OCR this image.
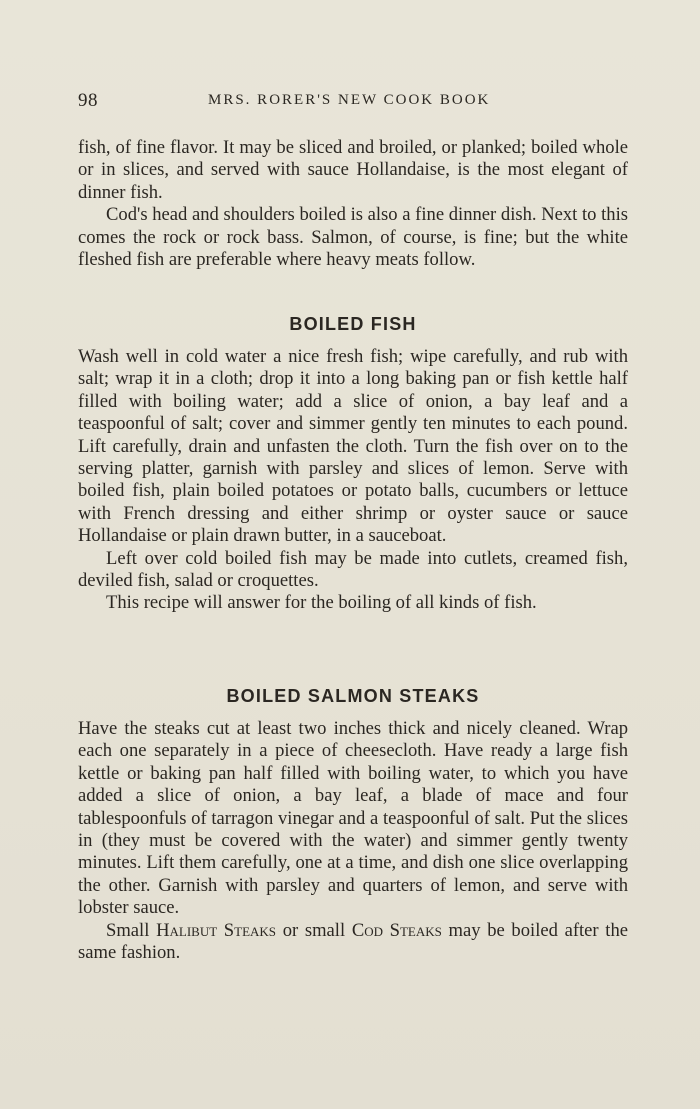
98	MRS. RORER'S NEW COOK BOOK

fish, of fine flavor. It may be sliced and broiled, or planked; boiled whole or in slices, and served with sauce Hollandaise, is the most elegant of dinner fish.

Cod's head and shoulders boiled is also a fine dinner dish. Next to this comes the rock or rock bass. Salmon, of course, is fine; but the white fleshed fish are preferable where heavy meats follow.

BOILED FISH

Wash well in cold water a nice fresh fish; wipe carefully, and rub with salt; wrap it in a cloth; drop it into a long baking pan or fish kettle half filled with boiling water; add a slice of onion, a bay leaf and a teaspoonful of salt; cover and simmer gently ten minutes to each pound. Lift carefully, drain and unfasten the cloth. Turn the fish over on to the serving platter, garnish with parsley and slices of lemon. Serve with boiled fish, plain boiled potatoes or potato balls, cucumbers or lettuce with French dressing and either shrimp or oyster sauce or sauce Hollandaise or plain drawn butter, in a sauceboat.

Left over cold boiled fish may be made into cutlets, creamed fish, deviled fish, salad or croquettes.

This recipe will answer for the boiling of all kinds of fish.

BOILED SALMON STEAKS

Have the steaks cut at least two inches thick and nicely cleaned. Wrap each one separately in a piece of cheesecloth. Have ready a large fish kettle or baking pan half filled with boiling water, to which you have added a slice of onion, a bay leaf, a blade of mace and four tablespoonfuls of tarragon vinegar and a teaspoonful of salt. Put the slices in (they must be covered with the water) and simmer gently twenty minutes. Lift them carefully, one at a time, and dish one slice overlapping the other. Garnish with parsley and quarters of lemon, and serve with lobster sauce.

Small Halibut Steaks or small Cod Steaks may be boiled after the same fashion.
